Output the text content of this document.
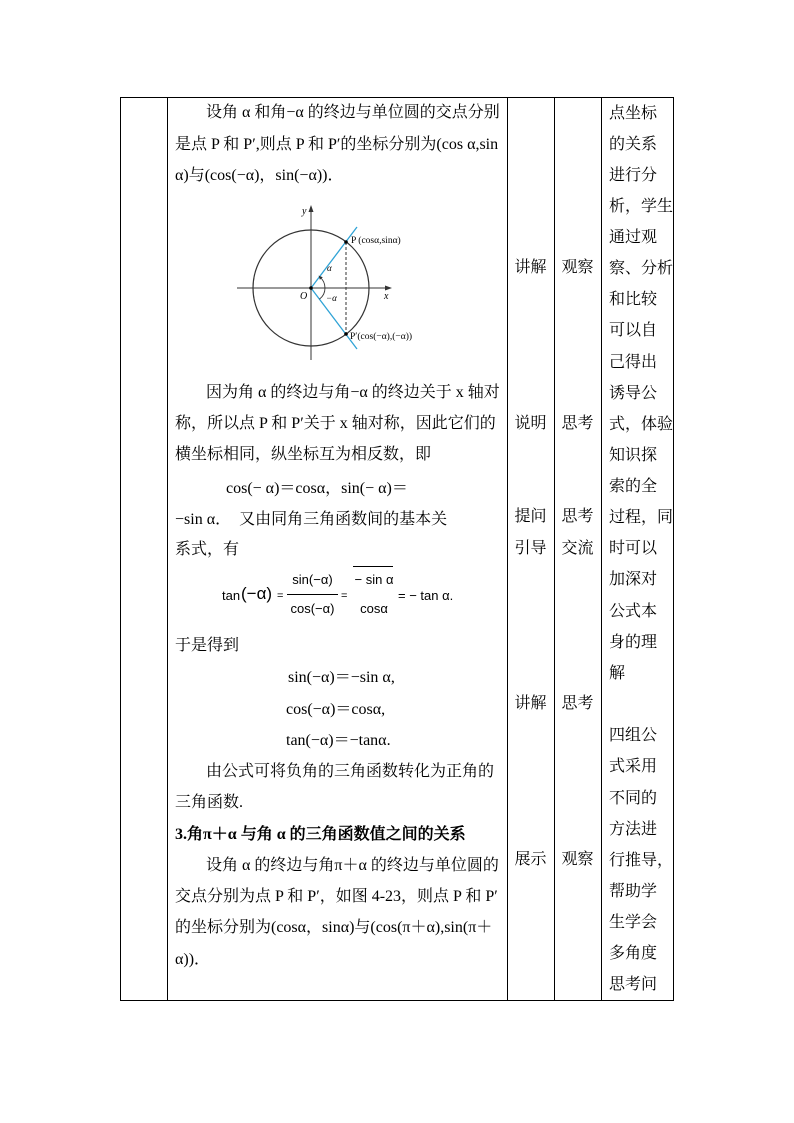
设角 α 和角−α 的终边与单位圆的交点分别
是点 P 和 P′,则点 P 和 P′的坐标分别为(cos α,sin
α)与(cos(−α)，sin(−α))．
y
x
O
α
−α
P (cosα,sinα)
P′(cos(−α),(−α))
因为角 α 的终边与角−α 的终边关于 x 轴对
称，所以点 P 和 P′关于 x 轴对称，因此它们的
横坐标相同，纵坐标互为相反数，即
cos(− α)＝cosα，sin(− α)＝
−sin α．  又由同角三角函数间的基本关
系式，有
tan (−α) =
sin(−α)
cos(−α)
=
− sin α
cosα
= − tan α.
于是得到
sin(−α)＝−sin α,
cos(−α)＝cosα,
tan(−α)＝−tanα.
由公式可将负角的三角函数转化为正角的
三角函数.
3.角π＋α 与角 α 的三角函数值之间的关系
设角 α 的终边与角π＋α 的终边与单位圆的
交点分别为点 P 和 P′，如图 4-23，则点 P 和 P′
的坐标分别为(cosα，sinα)与(cos(π＋α),sin(π＋
α))．
讲解
说明
提问
引导
讲解
展示
观察
思考
思考
交流
思考
观察
点坐标
的关系
进行分
析，学生
通过观
察、分析
和比较
可以自
己得出
诱导公
式，体验
知识探
索的全
过程，同
时可以
加深对
公式本
身的理
解
四组公
式采用
不同的
方法进
行推导，
帮助学
生学会
多角度
思考问
